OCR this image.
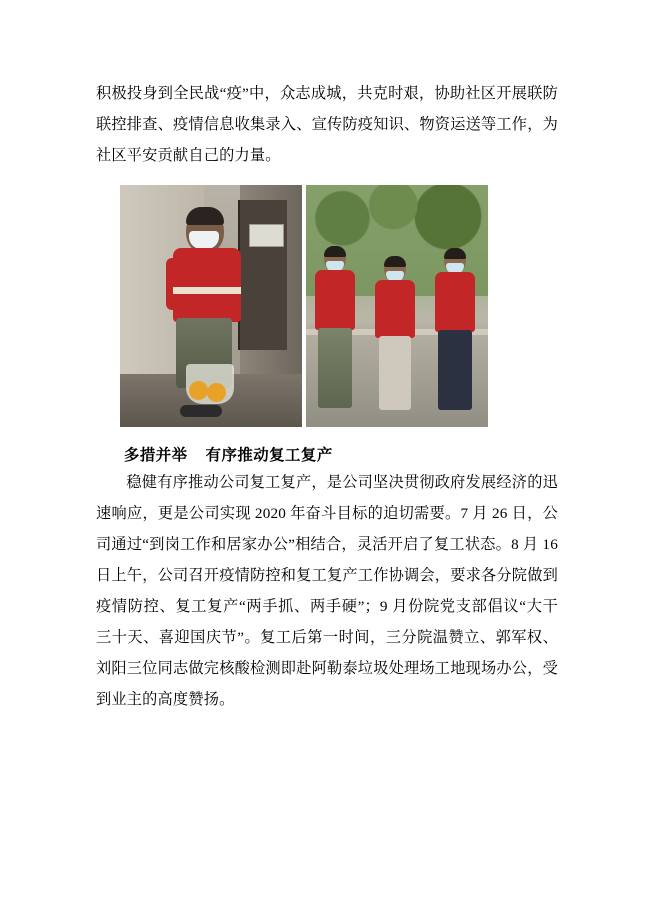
积极投身到全民战“疫”中，众志成城，共克时艰，协助社区开展联防联控排查、疫情信息收集录入、宣传防疫知识、物资运送等工作，为社区平安贡献自己的力量。

多措并举 有序推动复工复产

稳健有序推动公司复工复产，是公司坚决贯彻政府发展经济的迅速响应，更是公司实现 2020 年奋斗目标的迫切需要。7 月 26 日，公司通过“到岗工作和居家办公”相结合，灵活开启了复工状态。8 月 16 日上午，公司召开疫情防控和复工复产工作协调会，要求各分院做到疫情防控、复工复产“两手抓、两手硬”；9 月份院党支部倡议“大干三十天、喜迎国庆节”。复工后第一时间，三分院温赞立、郭军权、刘阳三位同志做完核酸检测即赴阿勒泰垃圾处理场工地现场办公，受到业主的高度赞扬。
